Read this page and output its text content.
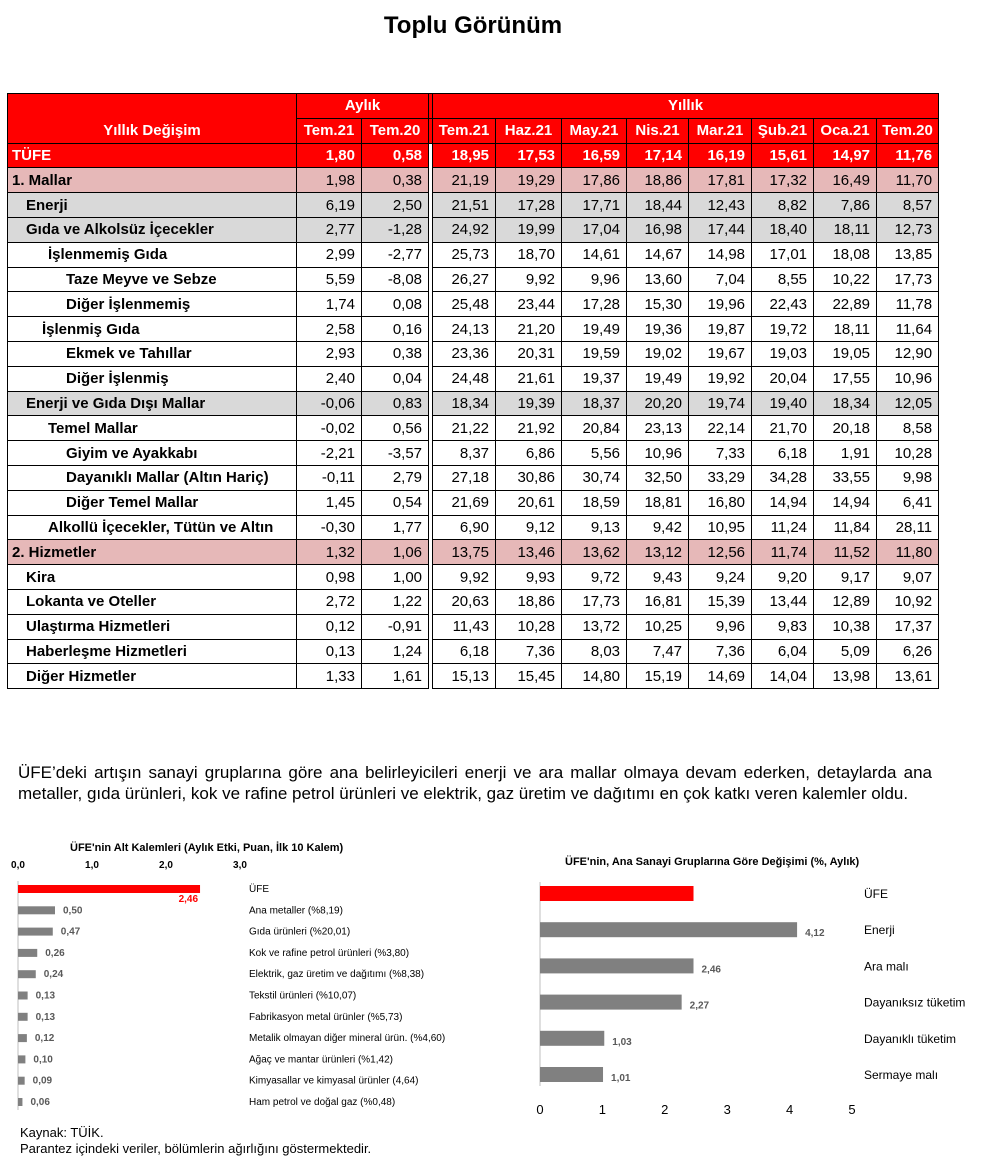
Toplu Görünüm
	Aylık			Yıllık							
Yıllık Değişim	Tem.21	Tem.20		Tem.21	Haz.21	May.21	Nis.21	Mar.21	Şub.21	Oca.21	Tem.20
TÜFE	1,80	0,58		18,95	17,53	16,59	17,14	16,19	15,61	14,97	11,76
1. Mallar	1,98	0,38		21,19	19,29	17,86	18,86	17,81	17,32	16,49	11,70
Enerji	6,19	2,50		21,51	17,28	17,71	18,44	12,43	8,82	7,86	8,57
Gıda ve Alkolsüz İçecekler	2,77	-1,28		24,92	19,99	17,04	16,98	17,44	18,40	18,11	12,73
İşlenmemiş Gıda	2,99	-2,77		25,73	18,70	14,61	14,67	14,98	17,01	18,08	13,85
Taze Meyve ve Sebze	5,59	-8,08		26,27	9,92	9,96	13,60	7,04	8,55	10,22	17,73
Diğer İşlenmemiş	1,74	0,08		25,48	23,44	17,28	15,30	19,96	22,43	22,89	11,78
İşlenmiş Gıda	2,58	0,16		24,13	21,20	19,49	19,36	19,87	19,72	18,11	11,64
Ekmek ve Tahıllar	2,93	0,38		23,36	20,31	19,59	19,02	19,67	19,03	19,05	12,90
Diğer İşlenmiş	2,40	0,04		24,48	21,61	19,37	19,49	19,92	20,04	17,55	10,96
Enerji ve Gıda Dışı Mallar	-0,06	0,83		18,34	19,39	18,37	20,20	19,74	19,40	18,34	12,05
Temel Mallar	-0,02	0,56		21,22	21,92	20,84	23,13	22,14	21,70	20,18	8,58
Giyim ve Ayakkabı	-2,21	-3,57		8,37	6,86	5,56	10,96	7,33	6,18	1,91	10,28
Dayanıklı Mallar (Altın Hariç)	-0,11	2,79		27,18	30,86	30,74	32,50	33,29	34,28	33,55	9,98
Diğer Temel Mallar	1,45	0,54		21,69	20,61	18,59	18,81	16,80	14,94	14,94	6,41
Alkollü İçecekler, Tütün ve Altın	-0,30	1,77		6,90	9,12	9,13	9,42	10,95	11,24	11,84	28,11
2. Hizmetler	1,32	1,06		13,75	13,46	13,62	13,12	12,56	11,74	11,52	11,80
Kira	0,98	1,00		9,92	9,93	9,72	9,43	9,24	9,20	9,17	9,07
Lokanta ve Oteller	2,72	1,22		20,63	18,86	17,73	16,81	15,39	13,44	12,89	10,92
Ulaştırma Hizmetleri	0,12	-0,91		11,43	10,28	13,72	10,25	9,96	9,83	10,38	17,37
Haberleşme Hizmetleri	0,13	1,24		6,18	7,36	8,03	7,47	7,36	6,04	5,09	6,26
Diğer Hizmetler	1,33	1,61		15,13	15,45	14,80	15,19	14,69	14,04	13,98	13,61

ÜFE’deki artışın sanayi gruplarına göre ana belirleyicileri enerji ve ara mallar olmaya devam ederken, detaylarda ana metaller, gıda ürünleri, kok ve rafine petrol ürünleri ve elektrik, gaz üretim ve dağıtımı en çok katkı veren kalemler oldu.

ÜFE'nin Alt Kalemleri (Aylık Etki, Puan, İlk 10 Kalem)
0,0	1,0	2,0	3,0
2,46
ÜFE
0,50	Ana metaller (%8,19)
0,47	Gıda ürünleri (%20,01)
0,26	Kok ve rafine petrol ürünleri (%3,80)
0,24	Elektrik, gaz üretim ve dağıtımı (%8,38)
0,13	Tekstil ürünleri (%10,07)
0,13	Fabrikasyon metal ürünler (%5,73)
0,12	Metalik olmayan diğer mineral ürün. (%4,60)
0,10	Ağaç ve mantar ürünleri (%1,42)
0,09	Kimyasallar ve kimyasal ürünler (4,64)
0,06	Ham petrol ve doğal gaz (%0,48)
ÜFE'nin, Ana Sanayi Gruplarına Göre Değişimi (%, Aylık)
0	1	2	3	4	5
2,46	ÜFE
4,12	Enerji
2,46	Ara malı
2,27	Dayanıksız tüketim
1,03	Dayanıklı tüketim
1,01	Sermaye malı
Kaynak: TÜİK.
Parantez içindeki veriler, bölümlerin ağırlığını göstermektedir.
